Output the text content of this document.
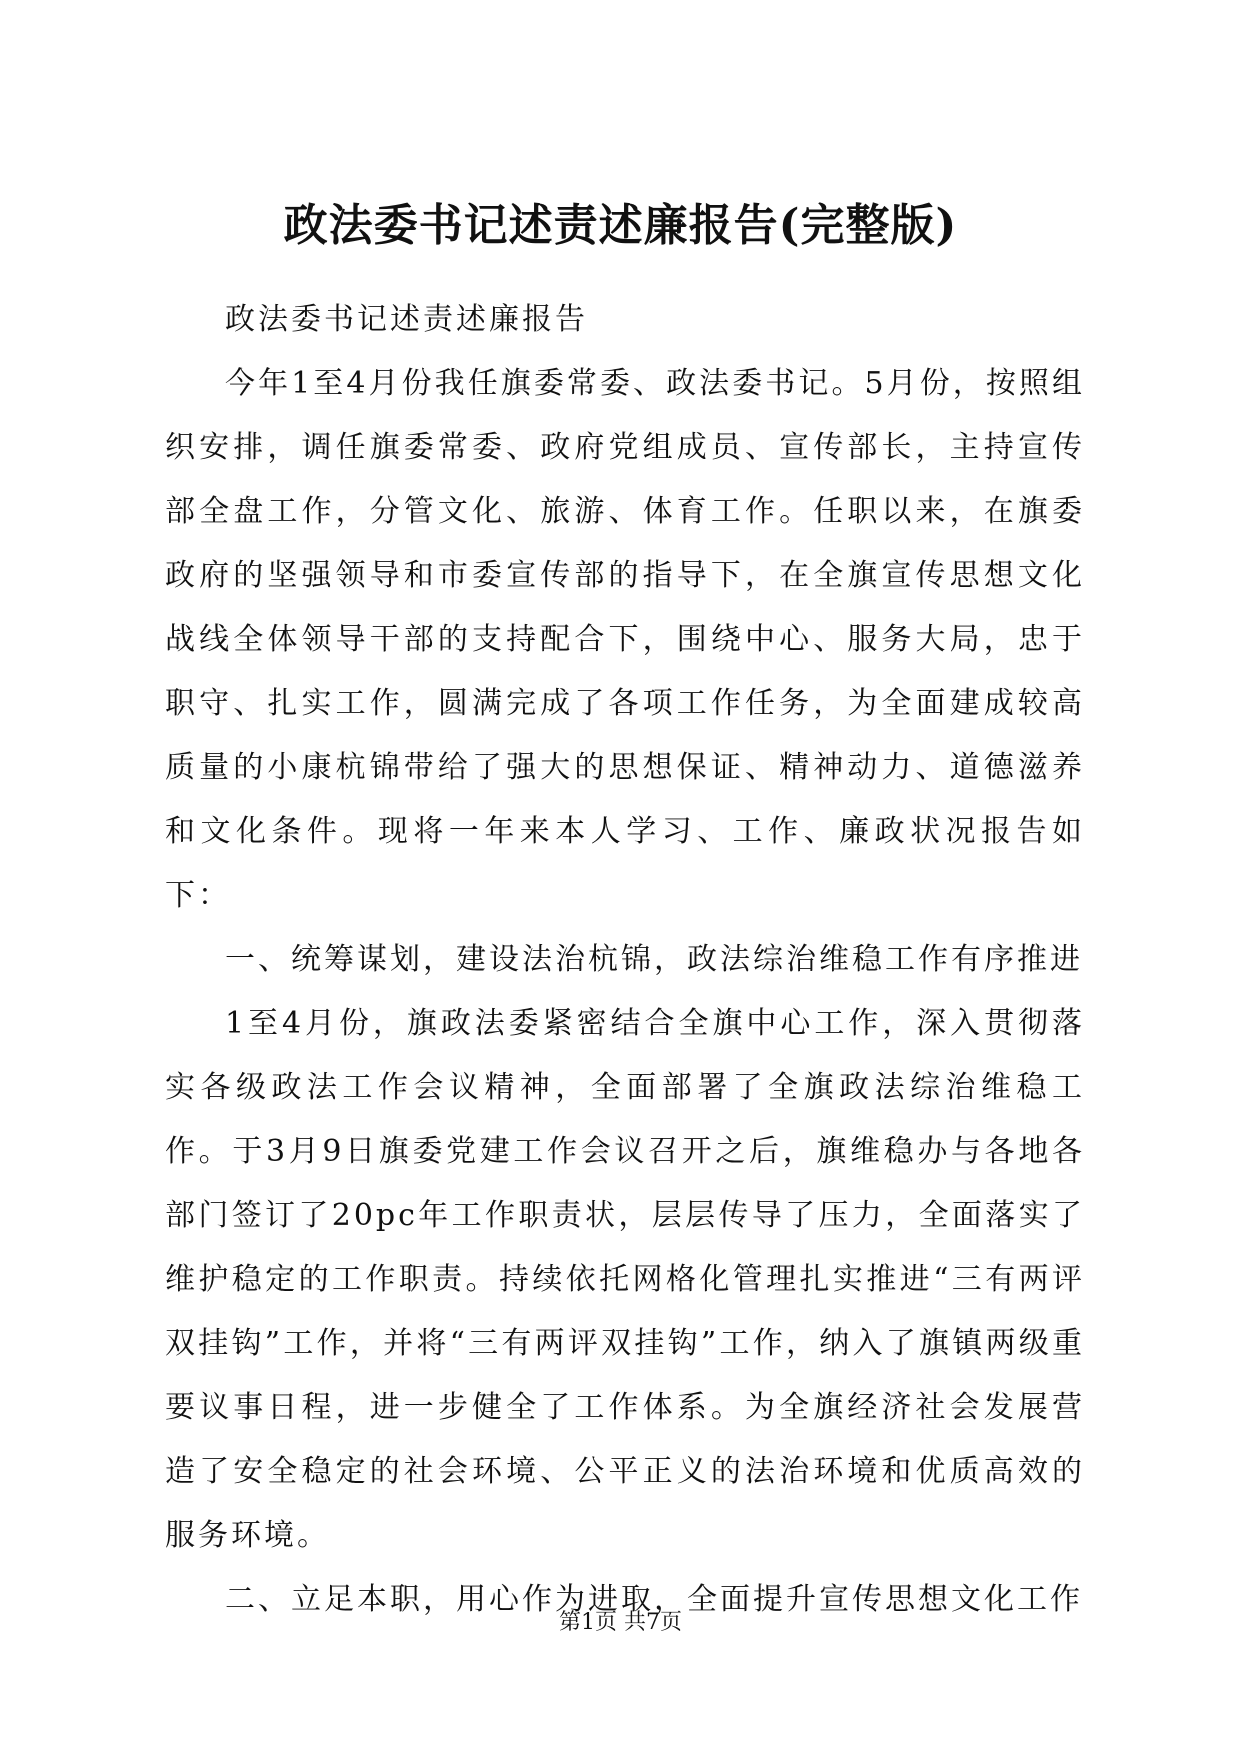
政法委书记述责述廉报告(完整版)

政法委书记述责述廉报告

今年1至4月份我任旗委常委、政法委书记。5月份，按照组织安排，调任旗委常委、政府党组成员、宣传部长，主持宣传部全盘工作，分管文化、旅游、体育工作。任职以来，在旗委政府的坚强领导和市委宣传部的指导下，在全旗宣传思想文化战线全体领导干部的支持配合下，围绕中心、服务大局，忠于职守、扎实工作，圆满完成了各项工作任务，为全面建成较高质量的小康杭锦带给了强大的思想保证、精神动力、道德滋养和文化条件。现将一年来本人学习、工作、廉政状况报告如下：

一、统筹谋划，建设法治杭锦，政法综治维稳工作有序推进

1至4月份，旗政法委紧密结合全旗中心工作，深入贯彻落实各级政法工作会议精神，全面部署了全旗政法综治维稳工作。于3月9日旗委党建工作会议召开之后，旗维稳办与各地各部门签订了20pc年工作职责状，层层传导了压力，全面落实了维护稳定的工作职责。持续依托网格化管理扎实推进“三有两评双挂钩”工作，并将“三有两评双挂钩”工作，纳入了旗镇两级重要议事日程，进一步健全了工作体系。为全旗经济社会发展营造了安全稳定的社会环境、公平正义的法治环境和优质高效的服务环境。

二、立足本职，用心作为进取，全面提升宣传思想文化工作

第1页 共7页
